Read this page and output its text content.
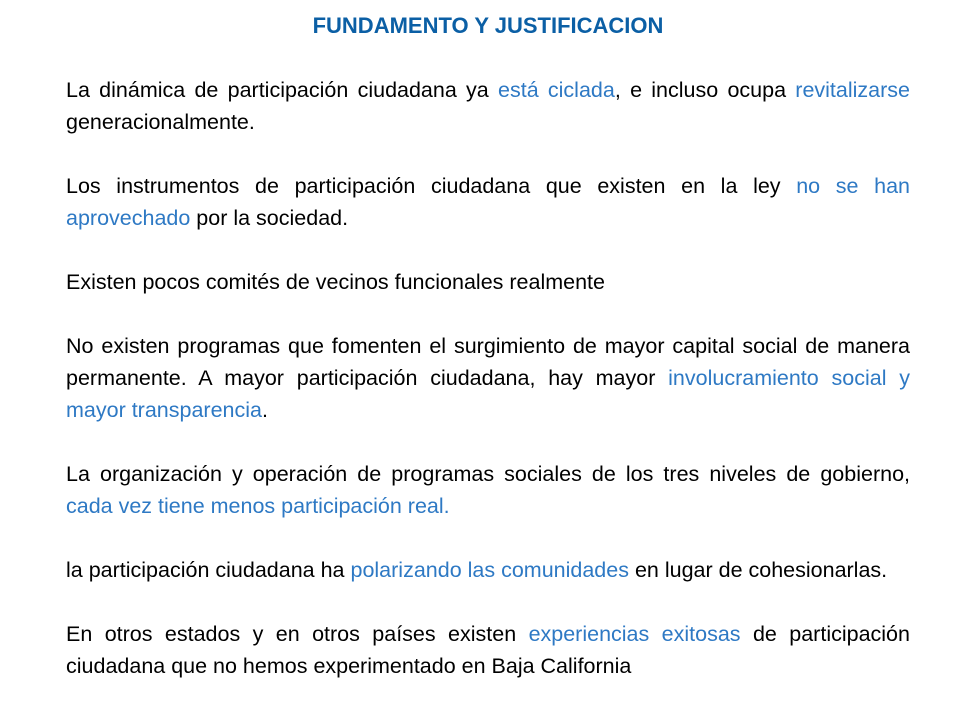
FUNDAMENTO Y JUSTIFICACION

La dinámica de participación ciudadana ya está ciclada, e incluso ocupa revitalizarse generacionalmente.

Los instrumentos de participación ciudadana que existen en la ley no se han aprovechado por la sociedad.

Existen pocos comités de vecinos funcionales realmente

No existen programas que fomenten el surgimiento de mayor capital social de manera permanente. A mayor participación ciudadana, hay mayor involucramiento social y mayor transparencia.

La organización y operación de programas sociales de los tres niveles de gobierno, cada vez tiene menos participación real.

la participación ciudadana ha polarizando las comunidades en lugar de cohesionarlas.

En otros estados y en otros países existen experiencias exitosas de participación ciudadana que no hemos experimentado en Baja California
